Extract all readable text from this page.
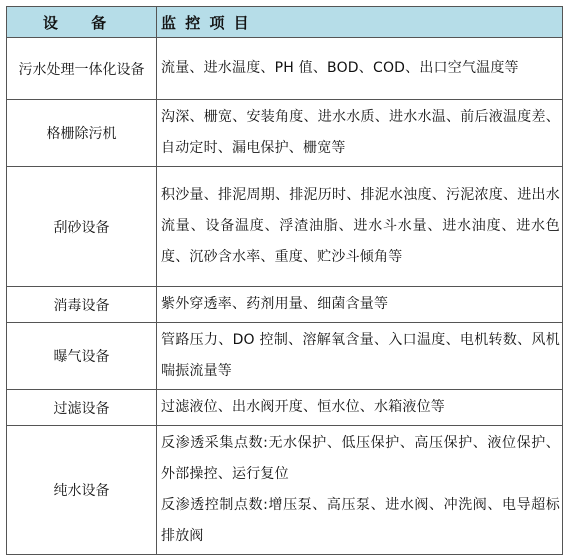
设 备	监 控 项 目
污水处理一体化设备	流量、进水温度、PH 值、BOD、COD、出口空气温度等

格栅除污机	沟深、栅宽、安装角度、进水水质、进水水温、前后液温度差、自动定时、漏电保护、栅宽等

刮砂设备	积沙量、排泥周期、排泥历时、排泥水浊度、污泥浓度、进出水流量、设备温度、浮渣油脂、进水斗水量、进水油度、进水色度、沉砂含水率、重度、贮沙斗倾角等

消毒设备	紫外穿透率、药剂用量、细菌含量等

曝气设备	管路压力、DO 控制、溶解氧含量、入口温度、电机转数、风机喘振流量等

过滤设备	过滤液位、出水阀开度、恒水位、水箱液位等

纯水设备	反渗透采集点数:无水保护、低压保护、高压保护、液位保护、外部操控、运行复位
反渗透控制点数:增压泵、高压泵、进水阀、冲洗阀、电导超标排放阀
